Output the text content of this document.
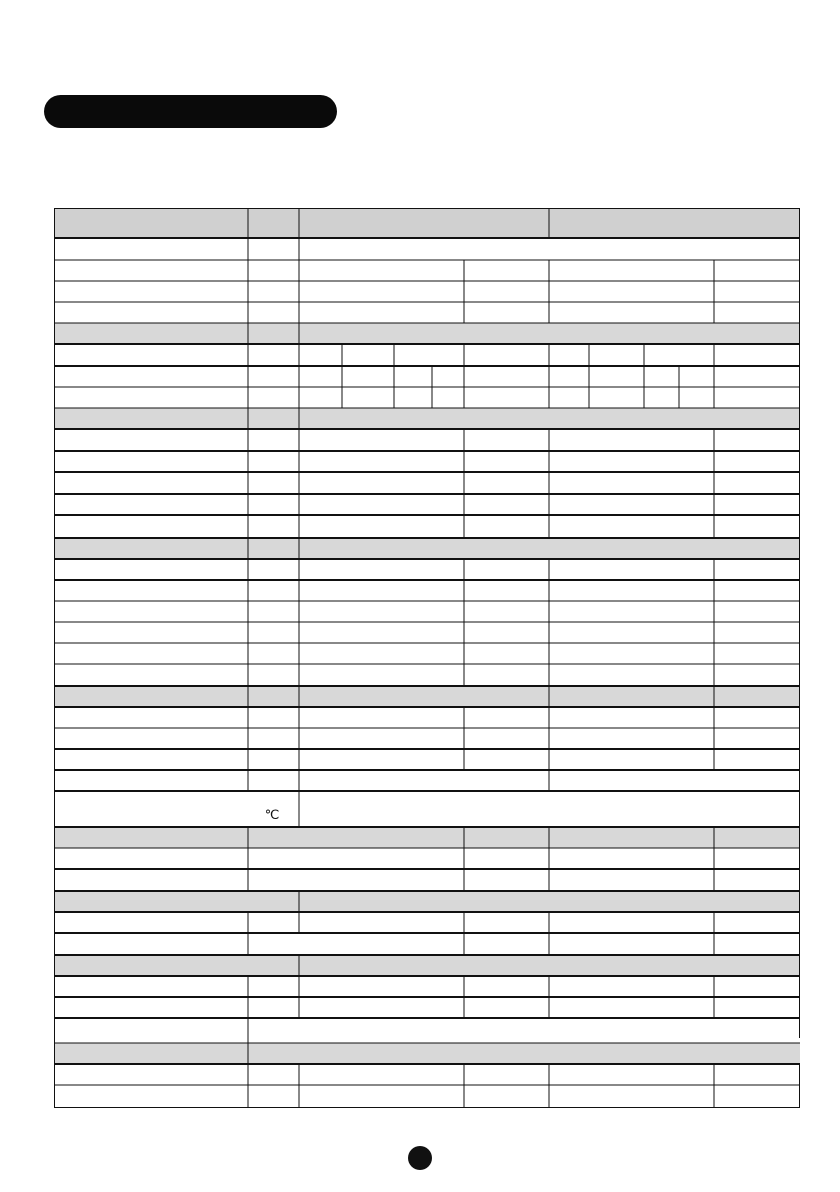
℃
